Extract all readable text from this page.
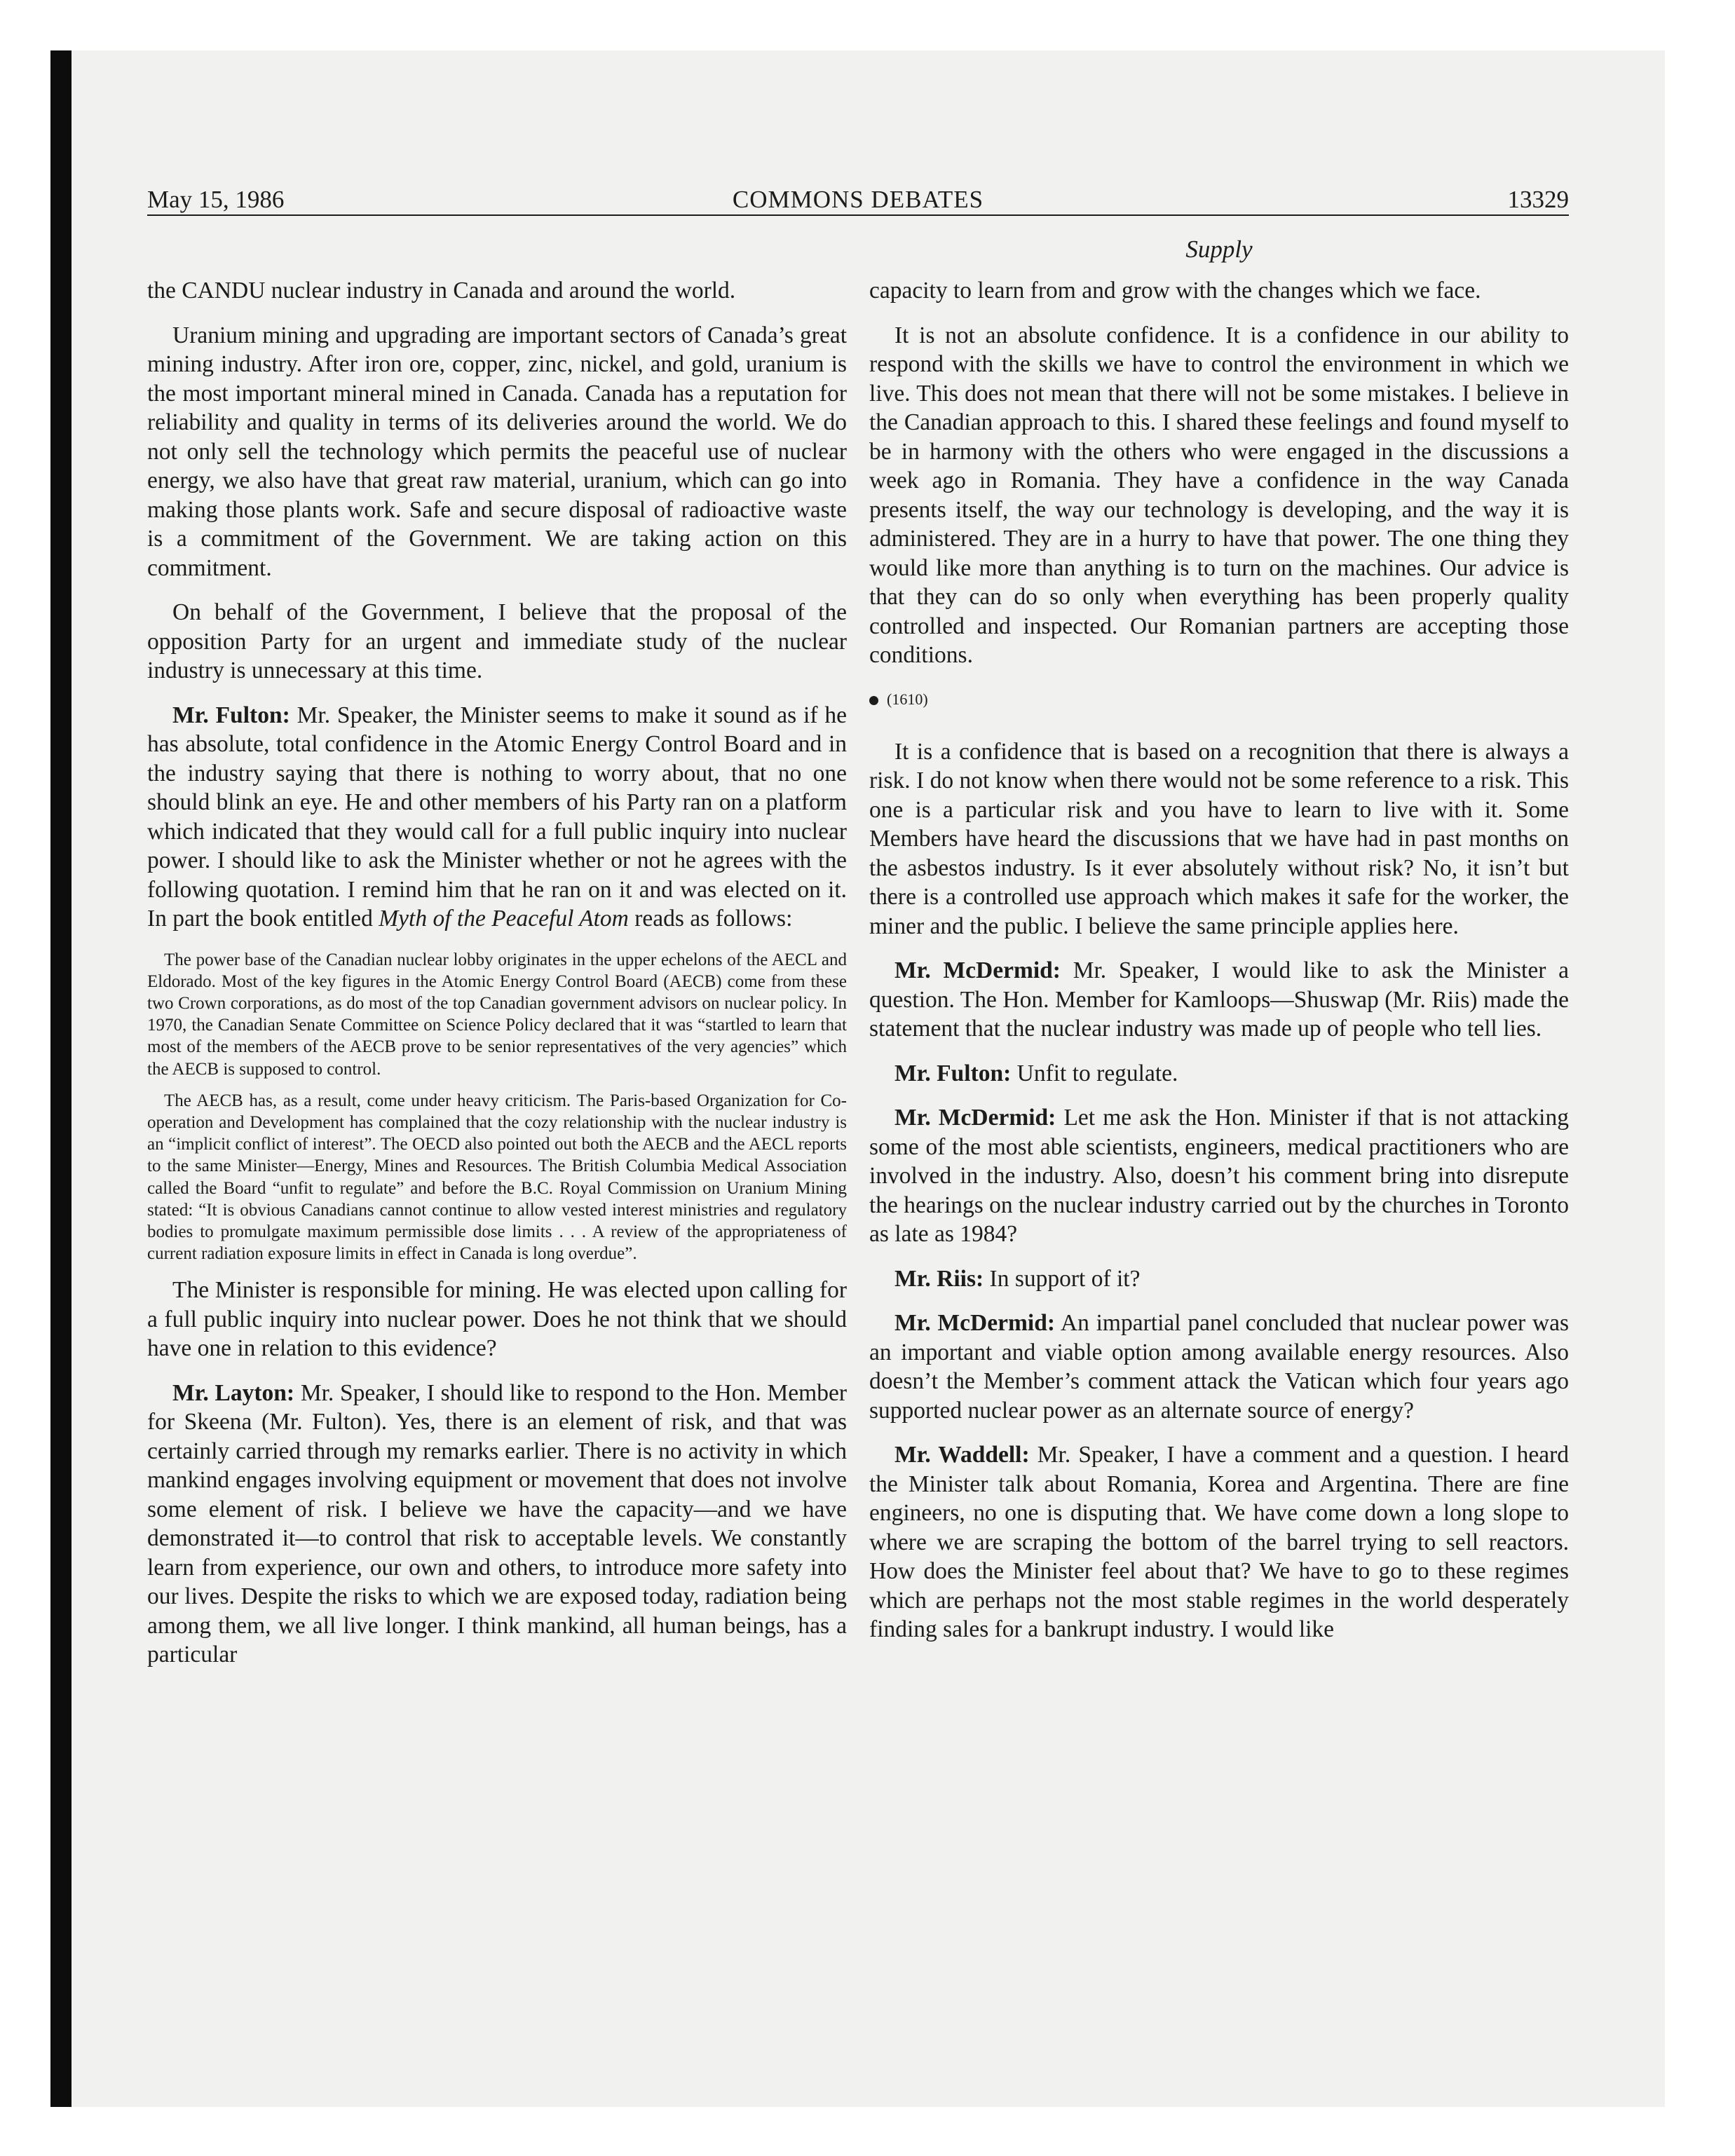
May 15, 1986	COMMONS DEBATES	13329
Supply

the CANDU nuclear industry in Canada and around the world.

Uranium mining and upgrading are important sectors of Canada’s great mining industry. After iron ore, copper, zinc, nickel, and gold, uranium is the most important mineral mined in Canada. Canada has a reputation for reliability and quality in terms of its deliveries around the world. We do not only sell the technology which permits the peaceful use of nuclear energy, we also have that great raw material, uranium, which can go into making those plants work. Safe and secure disposal of radioactive waste is a commitment of the Government. We are taking action on this commitment.

On behalf of the Government, I believe that the proposal of the opposition Party for an urgent and immediate study of the nuclear industry is unnecessary at this time.

Mr. Fulton: Mr. Speaker, the Minister seems to make it sound as if he has absolute, total confidence in the Atomic Energy Control Board and in the industry saying that there is nothing to worry about, that no one should blink an eye. He and other members of his Party ran on a platform which indicated that they would call for a full public inquiry into nuclear power. I should like to ask the Minister whether or not he agrees with the following quotation. I remind him that he ran on it and was elected on it. In part the book entitled Myth of the Peaceful Atom reads as follows:

The power base of the Canadian nuclear lobby originates in the upper echelons of the AECL and Eldorado. Most of the key figures in the Atomic Energy Control Board (AECB) come from these two Crown corporations, as do most of the top Canadian government advisors on nuclear policy. In 1970, the Canadian Senate Committee on Science Policy declared that it was “startled to learn that most of the members of the AECB prove to be senior representatives of the very agencies” which the AECB is supposed to control.

The AECB has, as a result, come under heavy criticism. The Paris-based Organization for Co-operation and Development has complained that the cozy relationship with the nuclear industry is an “implicit conflict of interest”. The OECD also pointed out both the AECB and the AECL reports to the same Minister—Energy, Mines and Resources. The British Columbia Medical Association called the Board “unfit to regulate” and before the B.C. Royal Commission on Uranium Mining stated: “It is obvious Canadians cannot continue to allow vested interest ministries and regulatory bodies to promulgate maximum permissible dose limits . . . A review of the appropriateness of current radiation exposure limits in effect in Canada is long overdue”.

The Minister is responsible for mining. He was elected upon calling for a full public inquiry into nuclear power. Does he not think that we should have one in relation to this evidence?

Mr. Layton: Mr. Speaker, I should like to respond to the Hon. Member for Skeena (Mr. Fulton). Yes, there is an element of risk, and that was certainly carried through my remarks earlier. There is no activity in which mankind engages involving equipment or movement that does not involve some element of risk. I believe we have the capacity—and we have demonstrated it—to control that risk to acceptable levels. We constantly learn from experience, our own and others, to introduce more safety into our lives. Despite the risks to which we are exposed today, radiation being among them, we all live longer. I think mankind, all human beings, has a particular

capacity to learn from and grow with the changes which we face.

It is not an absolute confidence. It is a confidence in our ability to respond with the skills we have to control the environment in which we live. This does not mean that there will not be some mistakes. I believe in the Canadian approach to this. I shared these feelings and found myself to be in harmony with the others who were engaged in the discussions a week ago in Romania. They have a confidence in the way Canada presents itself, the way our technology is developing, and the way it is administered. They are in a hurry to have that power. The one thing they would like more than anything is to turn on the machines. Our advice is that they can do so only when everything has been properly quality controlled and inspected. Our Romanian partners are accepting those conditions.

(1610)

It is a confidence that is based on a recognition that there is always a risk. I do not know when there would not be some reference to a risk. This one is a particular risk and you have to learn to live with it. Some Members have heard the discussions that we have had in past months on the asbestos industry. Is it ever absolutely without risk? No, it isn’t but there is a controlled use approach which makes it safe for the worker, the miner and the public. I believe the same principle applies here.

Mr. McDermid: Mr. Speaker, I would like to ask the Minister a question. The Hon. Member for Kamloops—Shuswap (Mr. Riis) made the statement that the nuclear industry was made up of people who tell lies.

Mr. Fulton: Unfit to regulate.

Mr. McDermid: Let me ask the Hon. Minister if that is not attacking some of the most able scientists, engineers, medical practitioners who are involved in the industry. Also, doesn’t his comment bring into disrepute the hearings on the nuclear industry carried out by the churches in Toronto as late as 1984?

Mr. Riis: In support of it?

Mr. McDermid: An impartial panel concluded that nuclear power was an important and viable option among available energy resources. Also doesn’t the Member’s comment attack the Vatican which four years ago supported nuclear power as an alternate source of energy?

Mr. Waddell: Mr. Speaker, I have a comment and a question. I heard the Minister talk about Romania, Korea and Argentina. There are fine engineers, no one is disputing that. We have come down a long slope to where we are scraping the bottom of the barrel trying to sell reactors. How does the Minister feel about that? We have to go to these regimes which are perhaps not the most stable regimes in the world desperately finding sales for a bankrupt industry. I would like
